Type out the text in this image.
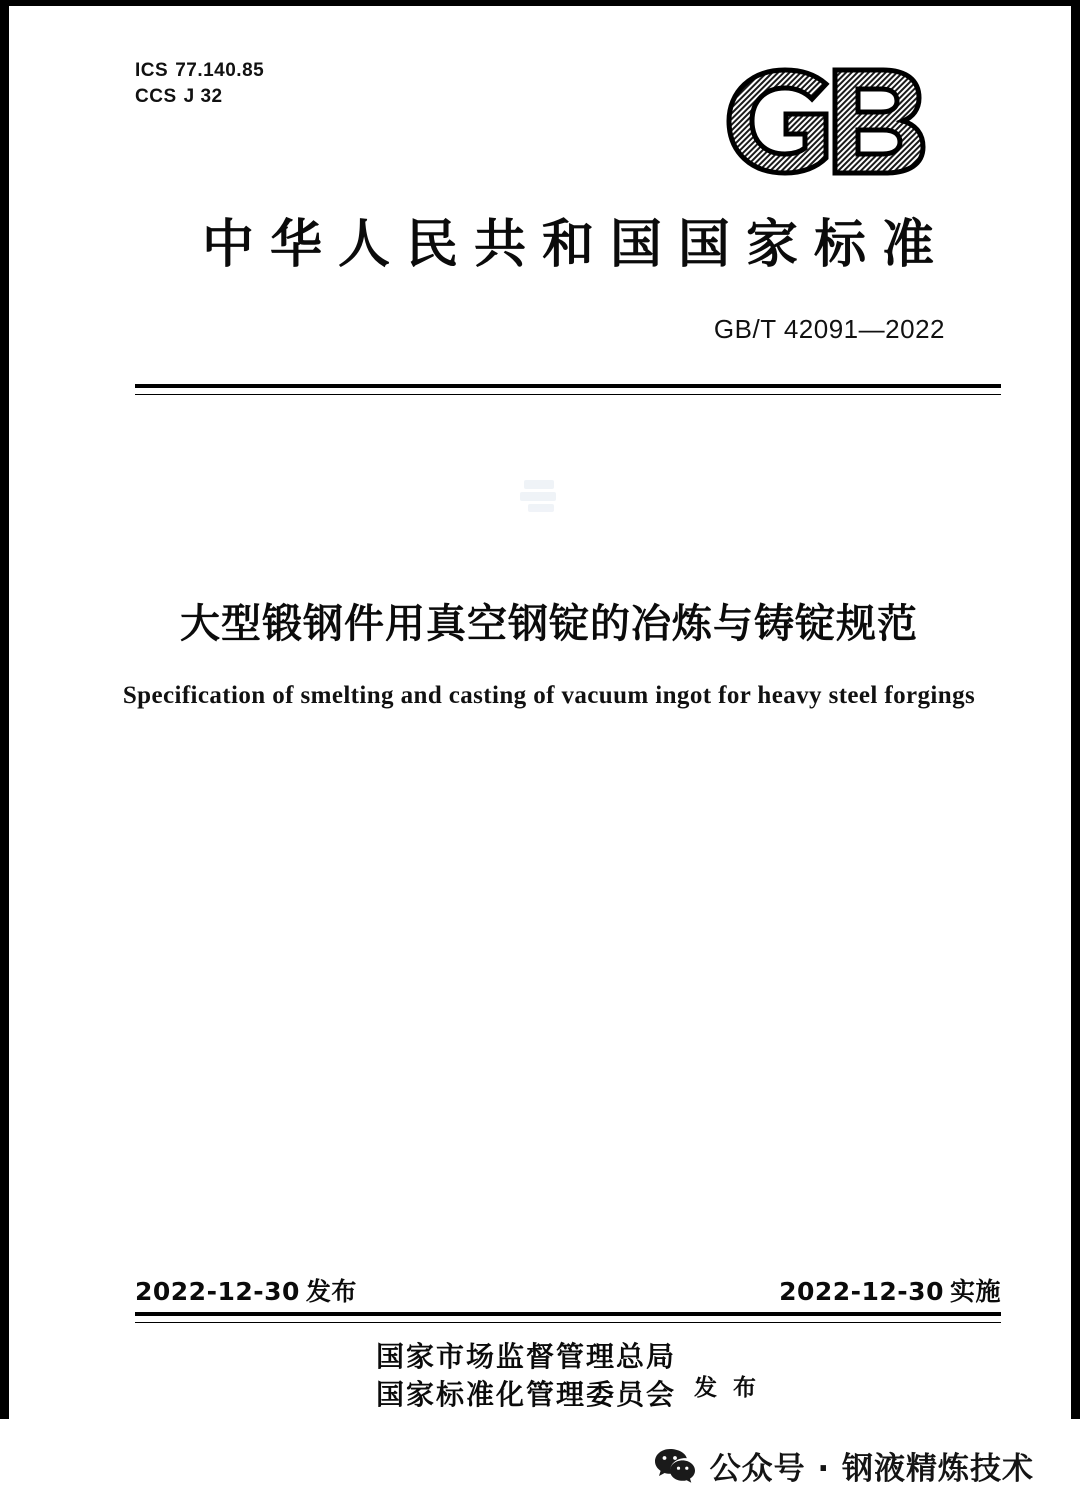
ICS 77.140.85
CCS J 32
中华人民共和国国家标准
GB/T 42091—2022
大型锻钢件用真空钢锭的冶炼与铸锭规范
Specification of smelting and casting of vacuum ingot for heavy steel forgings
2022-12-30 发布	2022-12-30 实施
国家市场监督管理总局
国家标准化管理委员会 发 布
公众号 · 钢液精炼技术
